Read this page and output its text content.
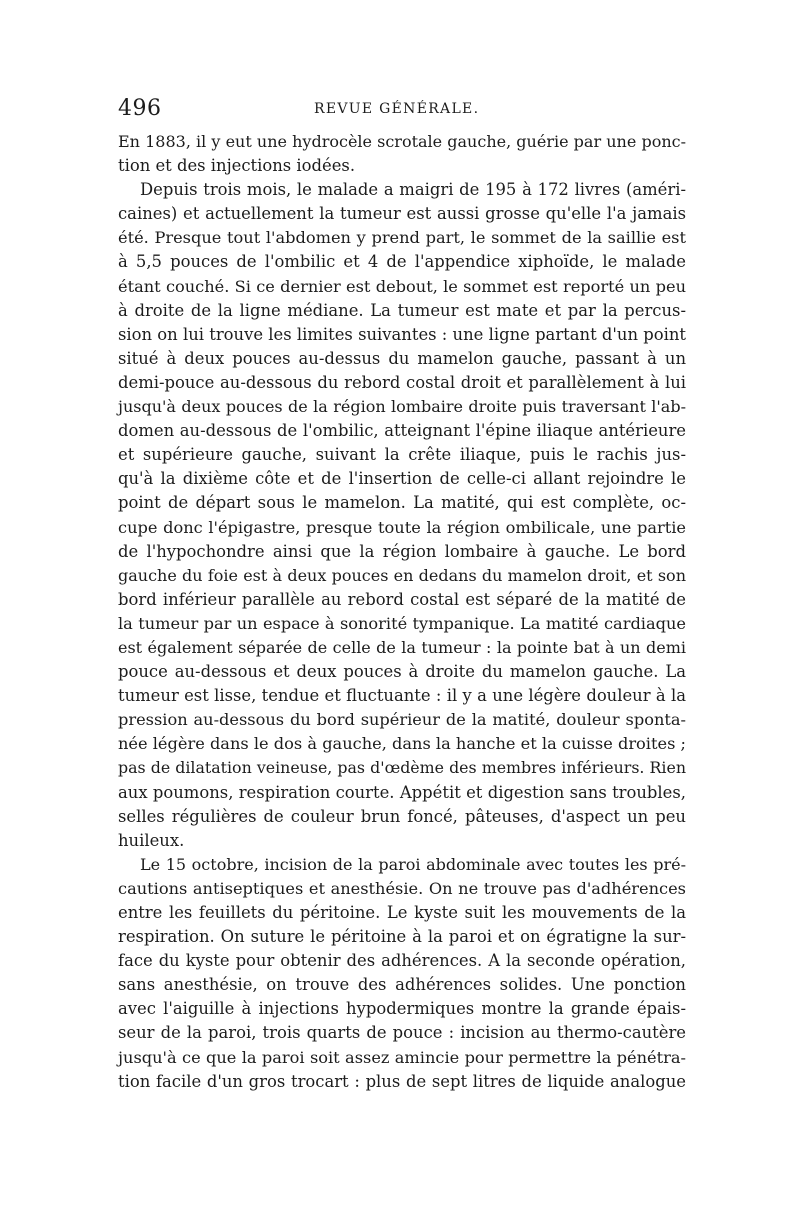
496	REVUE GÉNÉRALE.
En 1883, il y eut une hydrocèle scrotale gauche, guérie par une ponc-
tion et des injections iodées.
Depuis trois mois, le malade a maigri de 195 à 172 livres (améri-
caines) et actuellement la tumeur est aussi grosse qu'elle l'a jamais
été. Presque tout l'abdomen y prend part, le sommet de la saillie est
à 5,5 pouces de l'ombilic et 4 de l'appendice xiphoïde, le malade
étant couché. Si ce dernier est debout, le sommet est reporté un peu
à droite de la ligne médiane. La tumeur est mate et par la percus-
sion on lui trouve les limites suivantes : une ligne partant d'un point
situé à deux pouces au-dessus du mamelon gauche, passant à un
demi-pouce au-dessous du rebord costal droit et parallèlement à lui
jusqu'à deux pouces de la région lombaire droite puis traversant l'ab-
domen au-dessous de l'ombilic, atteignant l'épine iliaque antérieure
et supérieure gauche, suivant la crête iliaque, puis le rachis jus-
qu'à la dixième côte et de l'insertion de celle-ci allant rejoindre le
point de départ sous le mamelon. La matité, qui est complète, oc-
cupe donc l'épigastre, presque toute la région ombilicale, une partie
de l'hypochondre ainsi que la région lombaire à gauche. Le bord
gauche du foie est à deux pouces en dedans du mamelon droit, et son
bord inférieur parallèle au rebord costal est séparé de la matité de
la tumeur par un espace à sonorité tympanique. La matité cardiaque
est également séparée de celle de la tumeur : la pointe bat à un demi
pouce au-dessous et deux pouces à droite du mamelon gauche. La
tumeur est lisse, tendue et fluctuante : il y a une légère douleur à la
pression au-dessous du bord supérieur de la matité, douleur sponta-
née légère dans le dos à gauche, dans la hanche et la cuisse droites ;
pas de dilatation veineuse, pas d'œdème des membres inférieurs. Rien
aux poumons, respiration courte. Appétit et digestion sans troubles,
selles régulières de couleur brun foncé, pâteuses, d'aspect un peu
huileux.
Le 15 octobre, incision de la paroi abdominale avec toutes les pré-
cautions antiseptiques et anesthésie. On ne trouve pas d'adhérences
entre les feuillets du péritoine. Le kyste suit les mouvements de la
respiration. On suture le péritoine à la paroi et on égratigne la sur-
face du kyste pour obtenir des adhérences. A la seconde opération,
sans anesthésie, on trouve des adhérences solides. Une ponction
avec l'aiguille à injections hypodermiques montre la grande épais-
seur de la paroi, trois quarts de pouce : incision au thermo-cautère
jusqu'à ce que la paroi soit assez amincie pour permettre la pénétra-
tion facile d'un gros trocart : plus de sept litres de liquide analogue
